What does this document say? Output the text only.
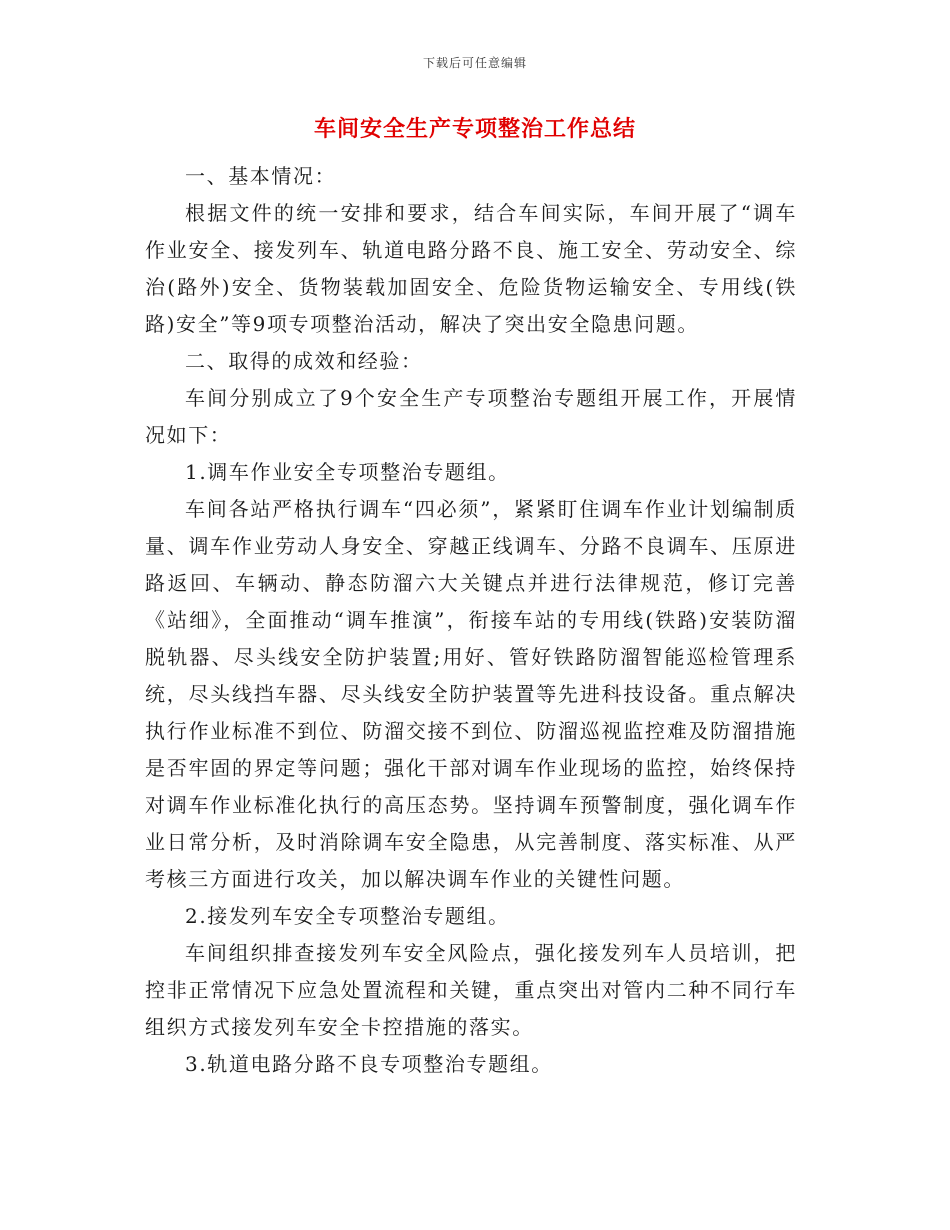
下载后可任意编辑
车间安全生产专项整治工作总结

一、基本情况：

根据文件的统一安排和要求，结合车间实际，车间开展了“调车作业安全、接发列车、轨道电路分路不良、施工安全、劳动安全、综治(路外)安全、货物装载加固安全、危险货物运输安全、专用线(铁路)安全”等9项专项整治活动，解决了突出安全隐患问题。

二、取得的成效和经验：

车间分别成立了9个安全生产专项整治专题组开展工作，开展情况如下：

1.调车作业安全专项整治专题组。

车间各站严格执行调车“四必须”，紧紧盯住调车作业计划编制质量、调车作业劳动人身安全、穿越正线调车、分路不良调车、压原进路返回、车辆动、静态防溜六大关键点并进行法律规范，修订完善《站细》，全面推动“调车推演”，衔接车站的专用线(铁路)安装防溜脱轨器、尽头线安全防护装置;用好、管好铁路防溜智能巡检管理系统，尽头线挡车器、尽头线安全防护装置等先进科技设备。重点解决执行作业标准不到位、防溜交接不到位、防溜巡视监控难及防溜措施是否牢固的界定等问题；强化干部对调车作业现场的监控，始终保持对调车作业标准化执行的高压态势。坚持调车预警制度，强化调车作业日常分析，及时消除调车安全隐患，从完善制度、落实标准、从严考核三方面进行攻关，加以解决调车作业的关键性问题。

2.接发列车安全专项整治专题组。

车间组织排查接发列车安全风险点，强化接发列车人员培训，把控非正常情况下应急处置流程和关键，重点突出对管内二种不同行车组织方式接发列车安全卡控措施的落实。

3.轨道电路分路不良专项整治专题组。
